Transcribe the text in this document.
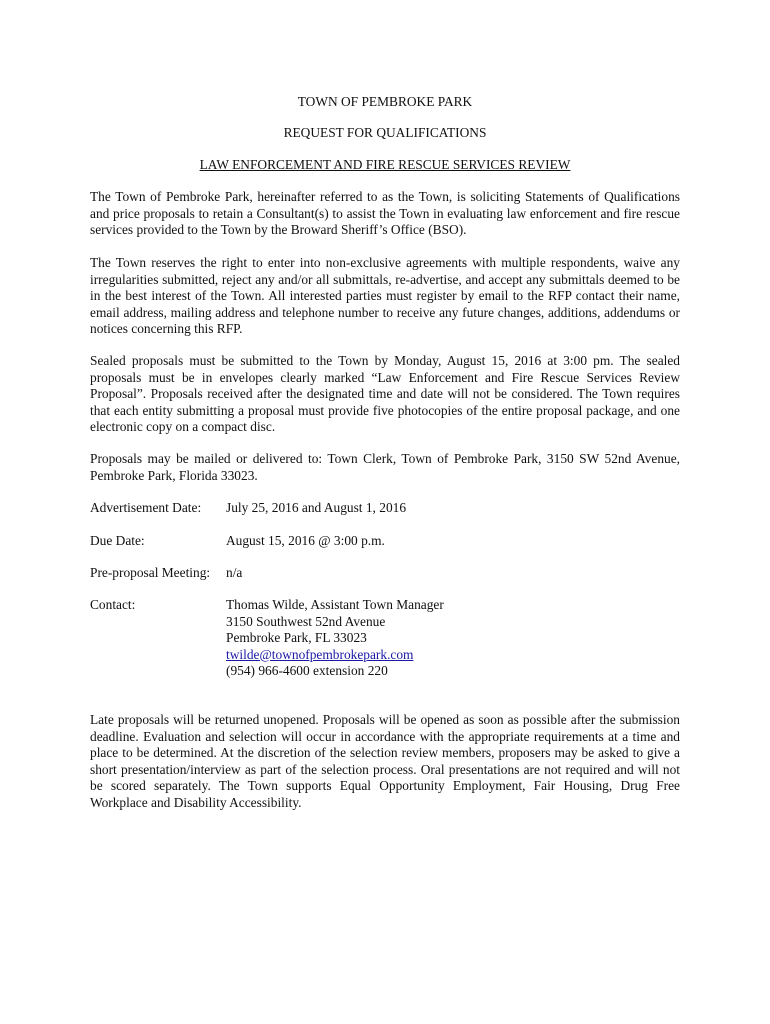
TOWN OF PEMBROKE PARK
REQUEST FOR QUALIFICATIONS
LAW ENFORCEMENT AND FIRE RESCUE SERVICES REVIEW

The Town of Pembroke Park, hereinafter referred to as the Town, is soliciting Statements of Qualifications and price proposals to retain a Consultant(s) to assist the Town in evaluating law enforcement and fire rescue services provided to the Town by the Broward Sheriff’s Office (BSO).

The Town reserves the right to enter into non-exclusive agreements with multiple respondents, waive any irregularities submitted, reject any and/or all submittals, re-advertise, and accept any submittals deemed to be in the best interest of the Town. All interested parties must register by email to the RFP contact their name, email address, mailing address and telephone number to receive any future changes, additions, addendums or notices concerning this RFP.

Sealed proposals must be submitted to the Town by Monday, August 15, 2016 at 3:00 pm. The sealed proposals must be in envelopes clearly marked “Law Enforcement and Fire Rescue Services Review Proposal”. Proposals received after the designated time and date will not be considered. The Town requires that each entity submitting a proposal must provide five photocopies of the entire proposal package, and one electronic copy on a compact disc.

Proposals may be mailed or delivered to: Town Clerk, Town of Pembroke Park, 3150 SW 52nd Avenue, Pembroke Park, Florida 33023.

Advertisement Date: July 25, 2016 and August 1, 2016
Due Date:	August 15, 2016 @ 3:00 p.m.
Pre-proposal Meeting: n/a
Contact:	Thomas Wilde, Assistant Town Manager
3150 Southwest 52nd Avenue
Pembroke Park, FL 33023
twilde@townofpembrokepark.com
(954) 966-4600 extension 220

Late proposals will be returned unopened. Proposals will be opened as soon as possible after the submission deadline. Evaluation and selection will occur in accordance with the appropriate requirements at a time and place to be determined. At the discretion of the selection review members, proposers may be asked to give a short presentation/interview as part of the selection process. Oral presentations are not required and will not be scored separately. The Town supports Equal Opportunity Employment, Fair Housing, Drug Free Workplace and Disability Accessibility.
